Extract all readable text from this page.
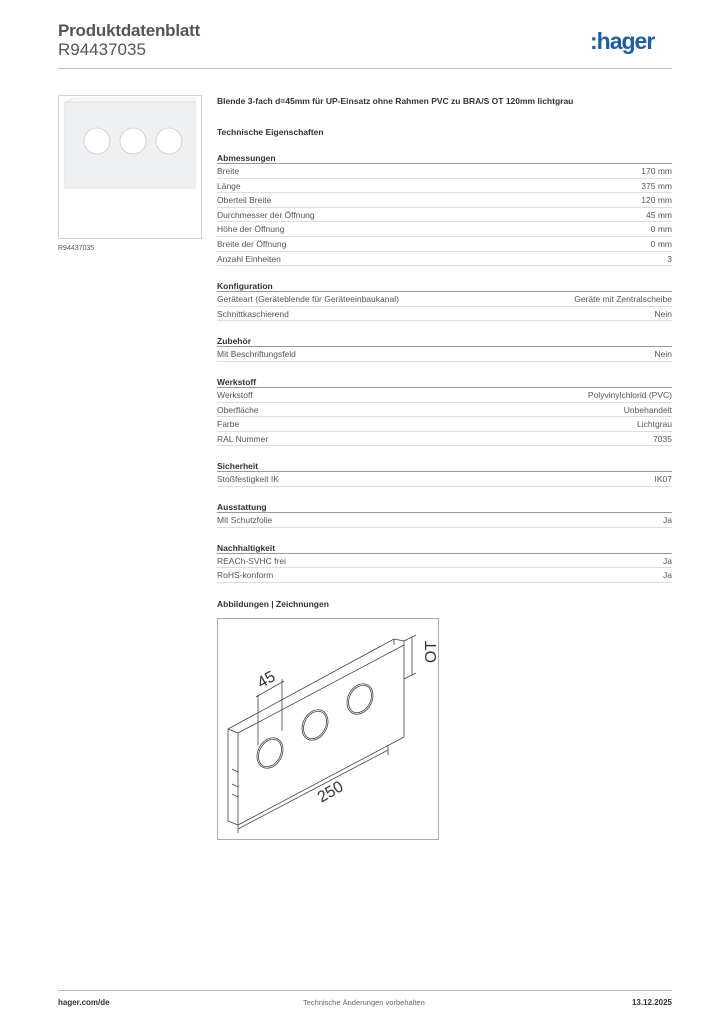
Produktdatenblatt
R94437035	:hager
R94437035
Blende 3-fach d=45mm für UP-Einsatz ohne Rahmen PVC zu BRA/S OT 120mm lichtgrau
Technische Eigenschaften
Abmessungen
Breite	170 mm
Länge	375 mm
Oberteil Breite	120 mm
Durchmesser der Öffnung	45 mm
Höhe der Öffnung	0 mm
Breite der Öffnung	0 mm
Anzahl Einheiten	3
Konfiguration
Geräteart (Geräteblende für Geräteeinbaukanal)	Geräte mit Zentralscheibe
Schnittkaschierend	Nein
Zubehör
Mit Beschriftungsfeld	Nein
Werkstoff
Werkstoff	Polyvinylchlorid (PVC)
Oberfläche	Unbehandelt
Farbe	Lichtgrau
RAL Nummer	7035
Sicherheit
Stoßfestigkeit IK	IK07
Ausstattung
Mit Schutzfolie	Ja
Nachhaltigkeit
REACh-SVHC frei	Ja
RoHS-konform	Ja
Abbildungen | Zeichnungen
45
OT
250
hager.com/de	Technische Änderungen vorbehalten	13.12.2025
